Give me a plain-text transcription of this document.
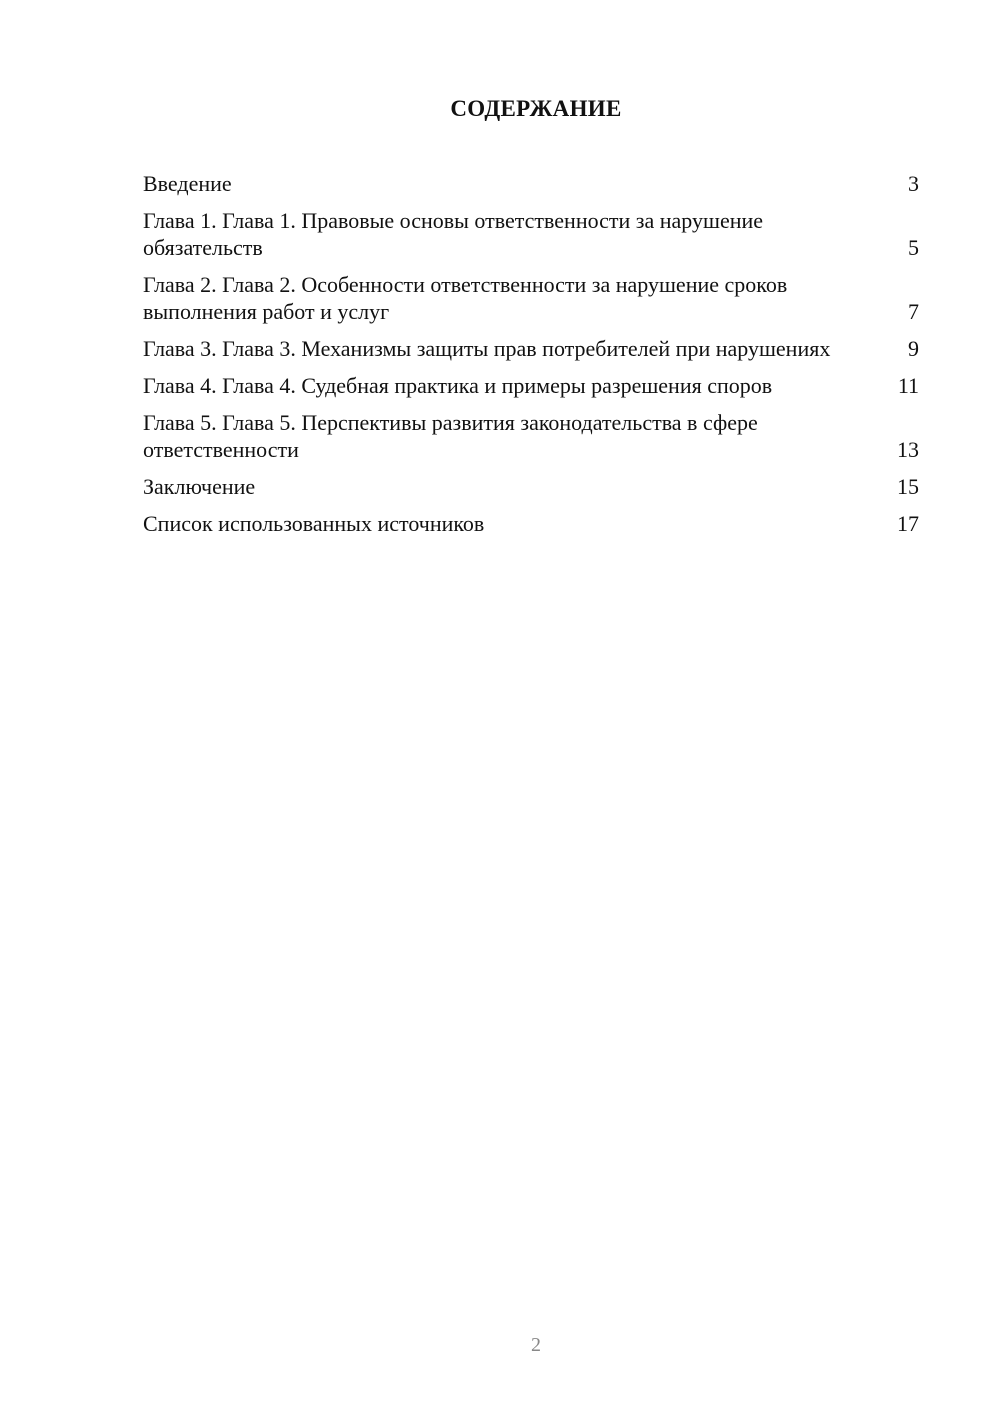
СОДЕРЖАНИЕ
Введение	3
Глава 1. Глава 1. Правовые основы ответственности за нарушение обязательств	5
Глава 2. Глава 2. Особенности ответственности за нарушение сроков выполнения работ и услуг	7
Глава 3. Глава 3. Механизмы защиты прав потребителей при нарушениях	9
Глава 4. Глава 4. Судебная практика и примеры разрешения споров	11
Глава 5. Глава 5. Перспективы развития законодательства в сфере ответственности	13
Заключение	15
Список использованных источников	17
2
